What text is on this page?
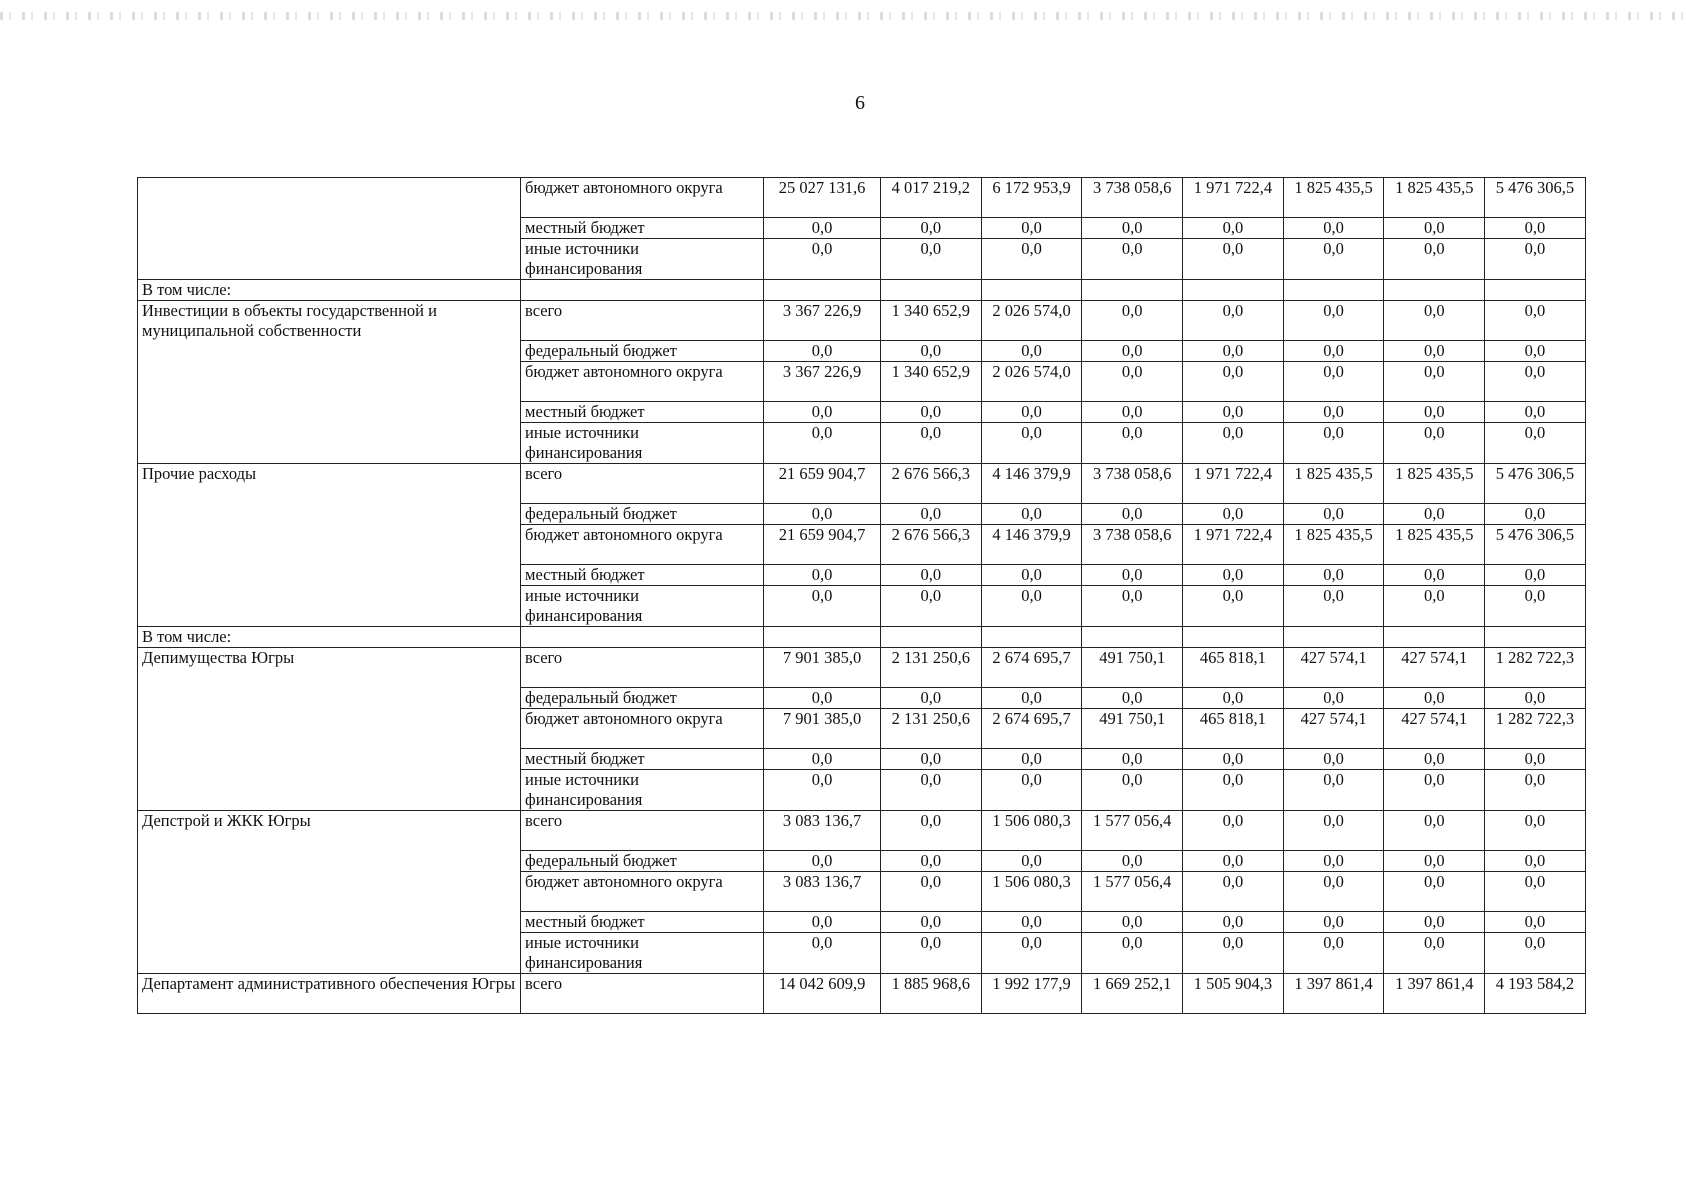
6
	бюджет автономного округа	25 027 131,6	4 017 219,2	6 172 953,9	3 738 058,6	1 971 722,4	1 825 435,5	1 825 435,5	5 476 306,5
	местный бюджет	0,0	0,0	0,0	0,0	0,0	0,0	0,0	0,0
	иные источники финансирования	0,0	0,0	0,0	0,0	0,0	0,0	0,0	0,0
В том числе:									
Инвестиции в объекты государственной и муниципальной собственности	всего	3 367 226,9	1 340 652,9	2 026 574,0	0,0	0,0	0,0	0,0	0,0
	федеральный бюджет	0,0	0,0	0,0	0,0	0,0	0,0	0,0	0,0
	бюджет автономного округа	3 367 226,9	1 340 652,9	2 026 574,0	0,0	0,0	0,0	0,0	0,0
	местный бюджет	0,0	0,0	0,0	0,0	0,0	0,0	0,0	0,0
	иные источники финансирования	0,0	0,0	0,0	0,0	0,0	0,0	0,0	0,0
Прочие расходы	всего	21 659 904,7	2 676 566,3	4 146 379,9	3 738 058,6	1 971 722,4	1 825 435,5	1 825 435,5	5 476 306,5
	федеральный бюджет	0,0	0,0	0,0	0,0	0,0	0,0	0,0	0,0
	бюджет автономного округа	21 659 904,7	2 676 566,3	4 146 379,9	3 738 058,6	1 971 722,4	1 825 435,5	1 825 435,5	5 476 306,5
	местный бюджет	0,0	0,0	0,0	0,0	0,0	0,0	0,0	0,0
	иные источники финансирования	0,0	0,0	0,0	0,0	0,0	0,0	0,0	0,0
В том числе:									
Депимущества Югры	всего	7 901 385,0	2 131 250,6	2 674 695,7	491 750,1	465 818,1	427 574,1	427 574,1	1 282 722,3
	федеральный бюджет	0,0	0,0	0,0	0,0	0,0	0,0	0,0	0,0
	бюджет автономного округа	7 901 385,0	2 131 250,6	2 674 695,7	491 750,1	465 818,1	427 574,1	427 574,1	1 282 722,3
	местный бюджет	0,0	0,0	0,0	0,0	0,0	0,0	0,0	0,0
	иные источники финансирования	0,0	0,0	0,0	0,0	0,0	0,0	0,0	0,0
Депстрой и ЖКК Югры	всего	3 083 136,7	0,0	1 506 080,3	1 577 056,4	0,0	0,0	0,0	0,0
	федеральный бюджет	0,0	0,0	0,0	0,0	0,0	0,0	0,0	0,0
	бюджет автономного округа	3 083 136,7	0,0	1 506 080,3	1 577 056,4	0,0	0,0	0,0	0,0
	местный бюджет	0,0	0,0	0,0	0,0	0,0	0,0	0,0	0,0
	иные источники финансирования	0,0	0,0	0,0	0,0	0,0	0,0	0,0	0,0
Департамент административного обеспечения Югры	всего	14 042 609,9	1 885 968,6	1 992 177,9	1 669 252,1	1 505 904,3	1 397 861,4	1 397 861,4	4 193 584,2
